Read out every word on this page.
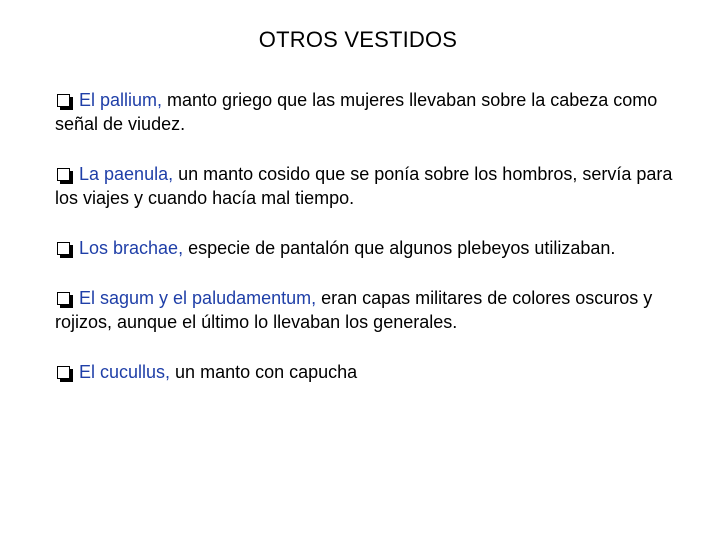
OTROS VESTIDOS
El pallium, manto griego que las mujeres llevaban sobre la cabeza como señal de viudez.
La paenula, un manto cosido que se ponía sobre los hombros, servía para los viajes y cuando hacía mal tiempo.
Los brachae, especie de pantalón que algunos plebeyos utilizaban.
El sagum y el paludamentum, eran capas militares de colores oscuros y rojizos, aunque el último lo llevaban los generales.
El cucullus, un manto con capucha
